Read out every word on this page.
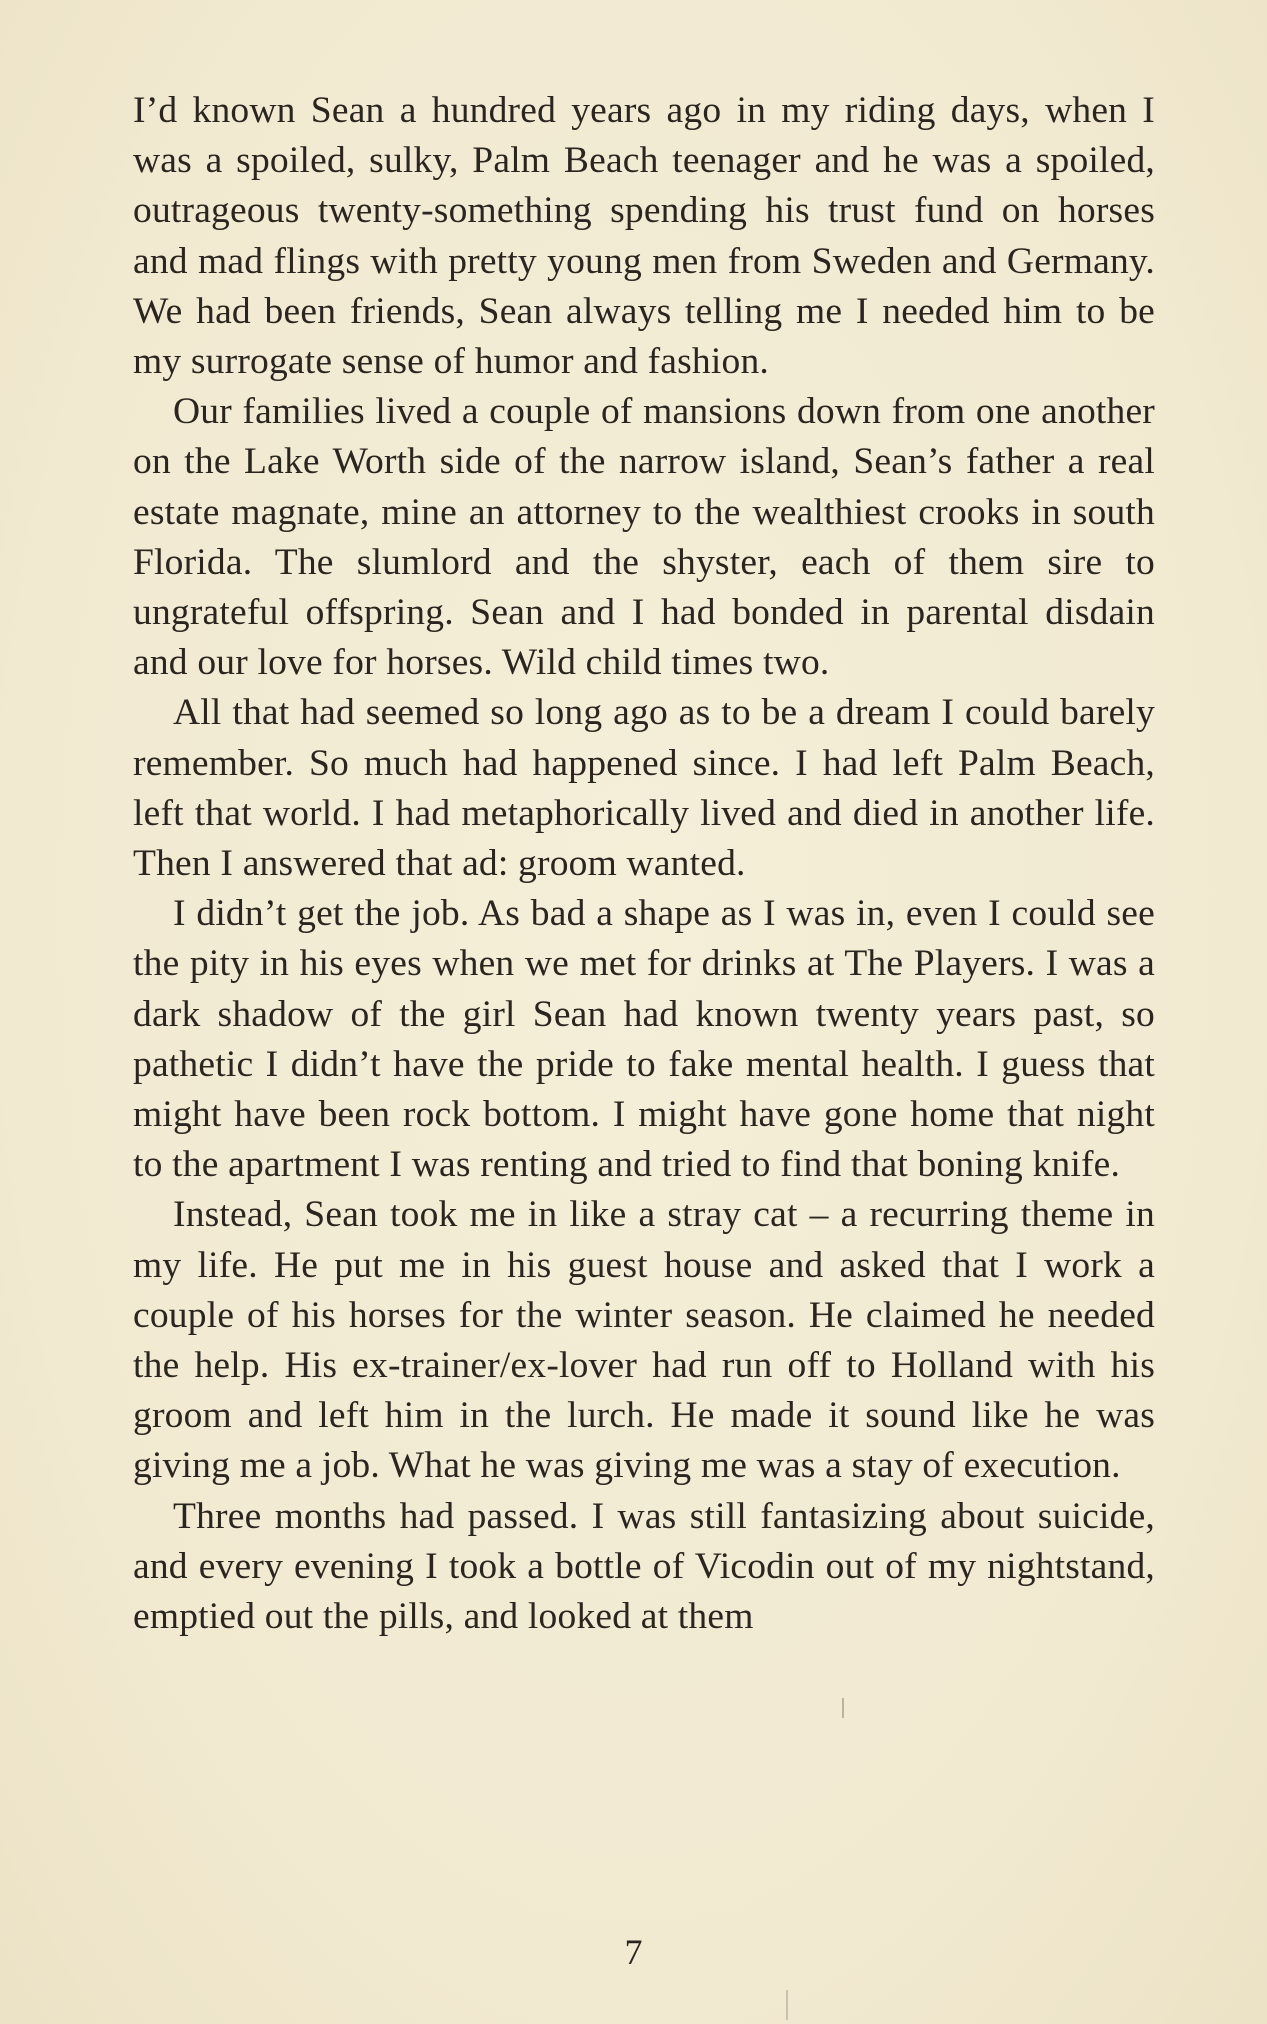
I’d known Sean a hundred years ago in my riding days, when I was a spoiled, sulky, Palm Beach teenager and he was a spoiled, outrageous twenty-something spending his trust fund on horses and mad flings with pretty young men from Sweden and Germany. We had been friends, Sean always telling me I needed him to be my surrogate sense of humor and fashion.

Our families lived a couple of mansions down from one another on the Lake Worth side of the narrow island, Sean’s father a real estate magnate, mine an attorney to the wealthiest crooks in south Florida. The slumlord and the shyster, each of them sire to ungrateful offspring. Sean and I had bonded in parental disdain and our love for horses. Wild child times two.

All that had seemed so long ago as to be a dream I could barely remember. So much had happened since. I had left Palm Beach, left that world. I had metaphorically lived and died in another life. Then I answered that ad: groom wanted.

I didn’t get the job. As bad a shape as I was in, even I could see the pity in his eyes when we met for drinks at The Players. I was a dark shadow of the girl Sean had known twenty years past, so pathetic I didn’t have the pride to fake mental health. I guess that might have been rock bottom. I might have gone home that night to the apartment I was renting and tried to find that boning knife.

Instead, Sean took me in like a stray cat – a recurring theme in my life. He put me in his guest house and asked that I work a couple of his horses for the winter season. He claimed he needed the help. His ex-trainer/ex-lover had run off to Holland with his groom and left him in the lurch. He made it sound like he was giving me a job. What he was giving me was a stay of execution.

Three months had passed. I was still fantasizing about suicide, and every evening I took a bottle of Vicodin out of my nightstand, emptied out the pills, and looked at them

7
